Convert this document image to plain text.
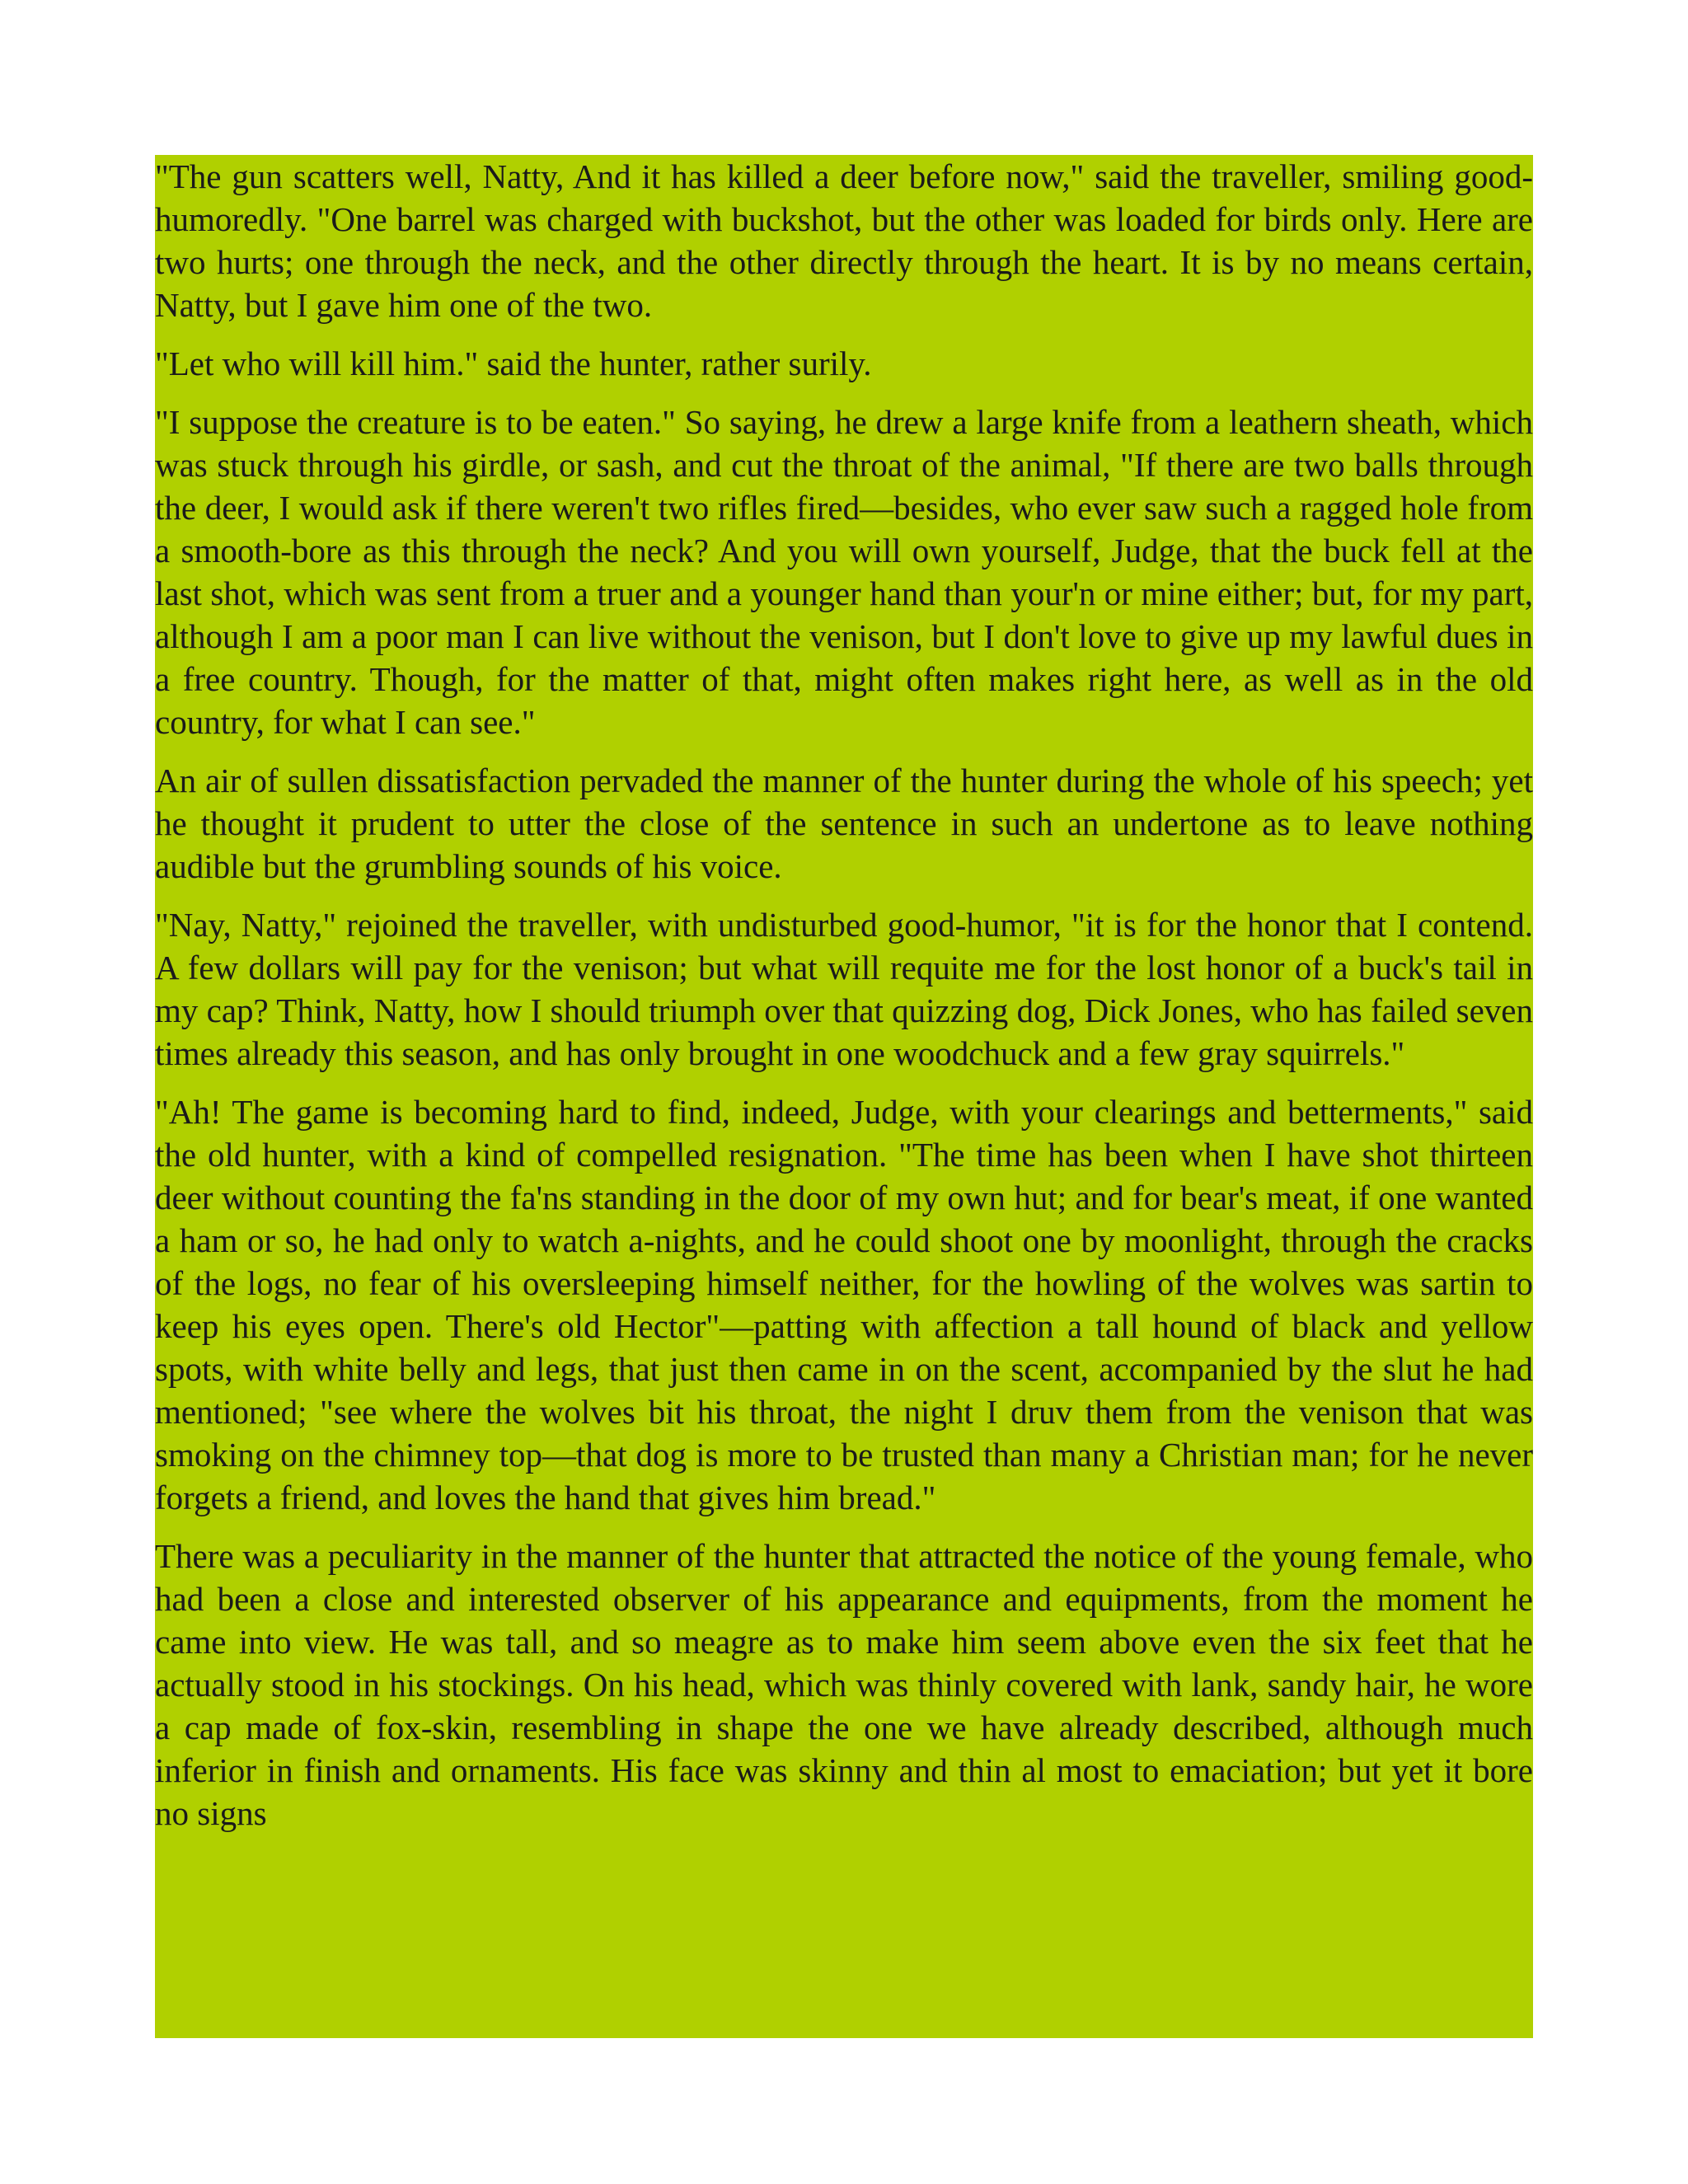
"The gun scatters well, Natty, And it has killed a deer before now," said the traveller, smiling good-humoredly. "One barrel was charged with buckshot, but the other was loaded for birds only. Here are two hurts; one through the neck, and the other directly through the heart. It is by no means certain, Natty, but I gave him one of the two.

"Let who will kill him." said the hunter, rather surily.

"I suppose the creature is to be eaten." So saying, he drew a large knife from a leathern sheath, which was stuck through his girdle, or sash, and cut the throat of the animal, "If there are two balls through the deer, I would ask if there weren't two rifles fired—besides, who ever saw such a ragged hole from a smooth-bore as this through the neck? And you will own yourself, Judge, that the buck fell at the last shot, which was sent from a truer and a younger hand than your'n or mine either; but, for my part, although I am a poor man I can live without the venison, but I don't love to give up my lawful dues in a free country. Though, for the matter of that, might often makes right here, as well as in the old country, for what I can see."

An air of sullen dissatisfaction pervaded the manner of the hunter during the whole of his speech; yet he thought it prudent to utter the close of the sentence in such an undertone as to leave nothing audible but the grumbling sounds of his voice.

"Nay, Natty," rejoined the traveller, with undisturbed good-humor, "it is for the honor that I contend. A few dollars will pay for the venison; but what will requite me for the lost honor of a buck's tail in my cap? Think, Natty, how I should triumph over that quizzing dog, Dick Jones, who has failed seven times already this season, and has only brought in one woodchuck and a few gray squirrels."

"Ah! The game is becoming hard to find, indeed, Judge, with your clearings and betterments," said the old hunter, with a kind of compelled resignation. "The time has been when I have shot thirteen deer without counting the fa'ns standing in the door of my own hut; and for bear's meat, if one wanted a ham or so, he had only to watch a-nights, and he could shoot one by moonlight, through the cracks of the logs, no fear of his oversleeping himself neither, for the howling of the wolves was sartin to keep his eyes open. There's old Hector"—patting with affection a tall hound of black and yellow spots, with white belly and legs, that just then came in on the scent, accompanied by the slut he had mentioned; "see where the wolves bit his throat, the night I druv them from the venison that was smoking on the chimney top—that dog is more to be trusted than many a Christian man; for he never forgets a friend, and loves the hand that gives him bread."

There was a peculiarity in the manner of the hunter that attracted the notice of the young female, who had been a close and interested observer of his appearance and equipments, from the moment he came into view. He was tall, and so meagre as to make him seem above even the six feet that he actually stood in his stockings. On his head, which was thinly covered with lank, sandy hair, he wore a cap made of fox-skin, resembling in shape the one we have already described, although much inferior in finish and ornaments. His face was skinny and thin al most to emaciation; but yet it bore no signs
